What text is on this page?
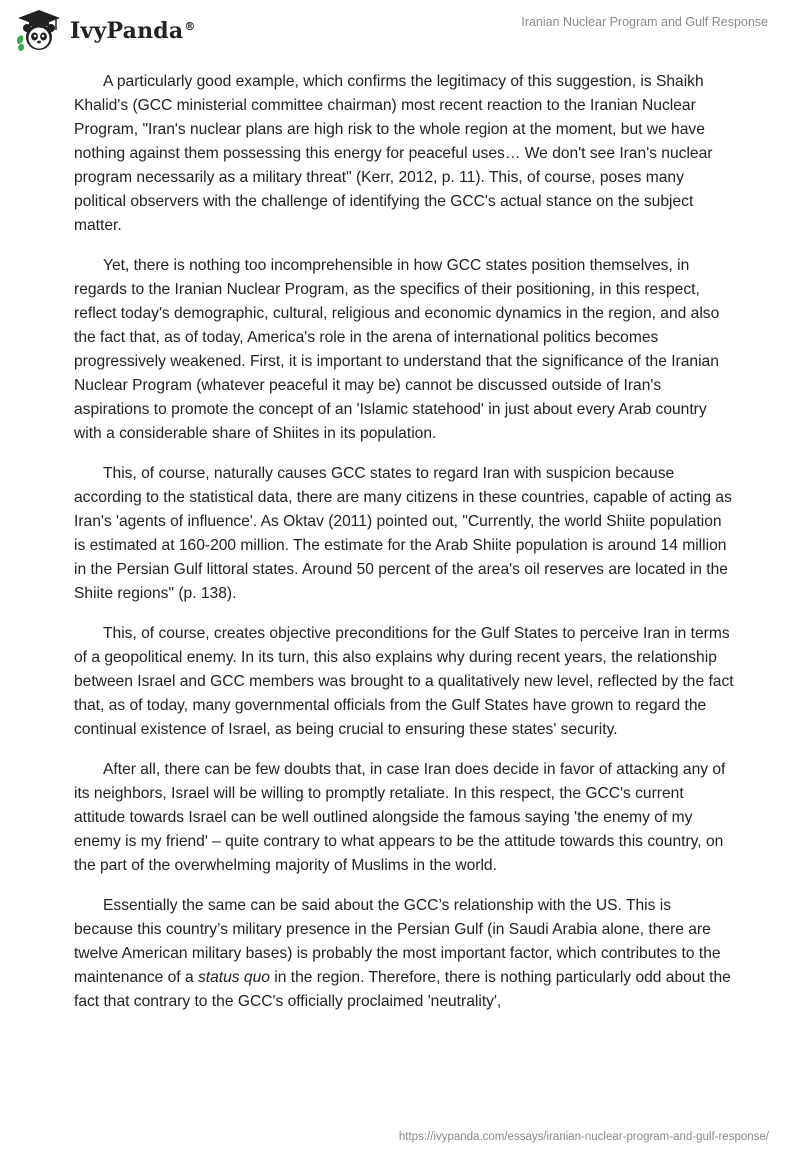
IvyPanda®	Iranian Nuclear Program and Gulf Response

A particularly good example, which confirms the legitimacy of this suggestion, is Shaikh Khalid's (GCC ministerial committee chairman) most recent reaction to the Iranian Nuclear Program, "Iran's nuclear plans are high risk to the whole region at the moment, but we have nothing against them possessing this energy for peaceful uses… We don't see Iran's nuclear program necessarily as a military threat" (Kerr, 2012, p. 11). This, of course, poses many political observers with the challenge of identifying the GCC's actual stance on the subject matter.

Yet, there is nothing too incomprehensible in how GCC states position themselves, in regards to the Iranian Nuclear Program, as the specifics of their positioning, in this respect, reflect today's demographic, cultural, religious and economic dynamics in the region, and also the fact that, as of today, America's role in the arena of international politics becomes progressively weakened. First, it is important to understand that the significance of the Iranian Nuclear Program (whatever peaceful it may be) cannot be discussed outside of Iran's aspirations to promote the concept of an 'Islamic statehood' in just about every Arab country with a considerable share of Shiites in its population.

This, of course, naturally causes GCC states to regard Iran with suspicion because according to the statistical data, there are many citizens in these countries, capable of acting as Iran's 'agents of influence'. As Oktav (2011) pointed out, "Currently, the world Shiite population is estimated at 160-200 million. The estimate for the Arab Shiite population is around 14 million in the Persian Gulf littoral states. Around 50 percent of the area's oil reserves are located in the Shiite regions" (p. 138).

This, of course, creates objective preconditions for the Gulf States to perceive Iran in terms of a geopolitical enemy. In its turn, this also explains why during recent years, the relationship between Israel and GCC members was brought to a qualitatively new level, reflected by the fact that, as of today, many governmental officials from the Gulf States have grown to regard the continual existence of Israel, as being crucial to ensuring these states' security.

After all, there can be few doubts that, in case Iran does decide in favor of attacking any of its neighbors, Israel will be willing to promptly retaliate. In this respect, the GCC's current attitude towards Israel can be well outlined alongside the famous saying 'the enemy of my enemy is my friend' – quite contrary to what appears to be the attitude towards this country, on the part of the overwhelming majority of Muslims in the world.

Essentially the same can be said about the GCC’s relationship with the US. This is because this country’s military presence in the Persian Gulf (in Saudi Arabia alone, there are twelve American military bases) is probably the most important factor, which contributes to the maintenance of a status quo in the region. Therefore, there is nothing particularly odd about the fact that contrary to the GCC's officially proclaimed 'neutrality',

https://ivypanda.com/essays/iranian-nuclear-program-and-gulf-response/
